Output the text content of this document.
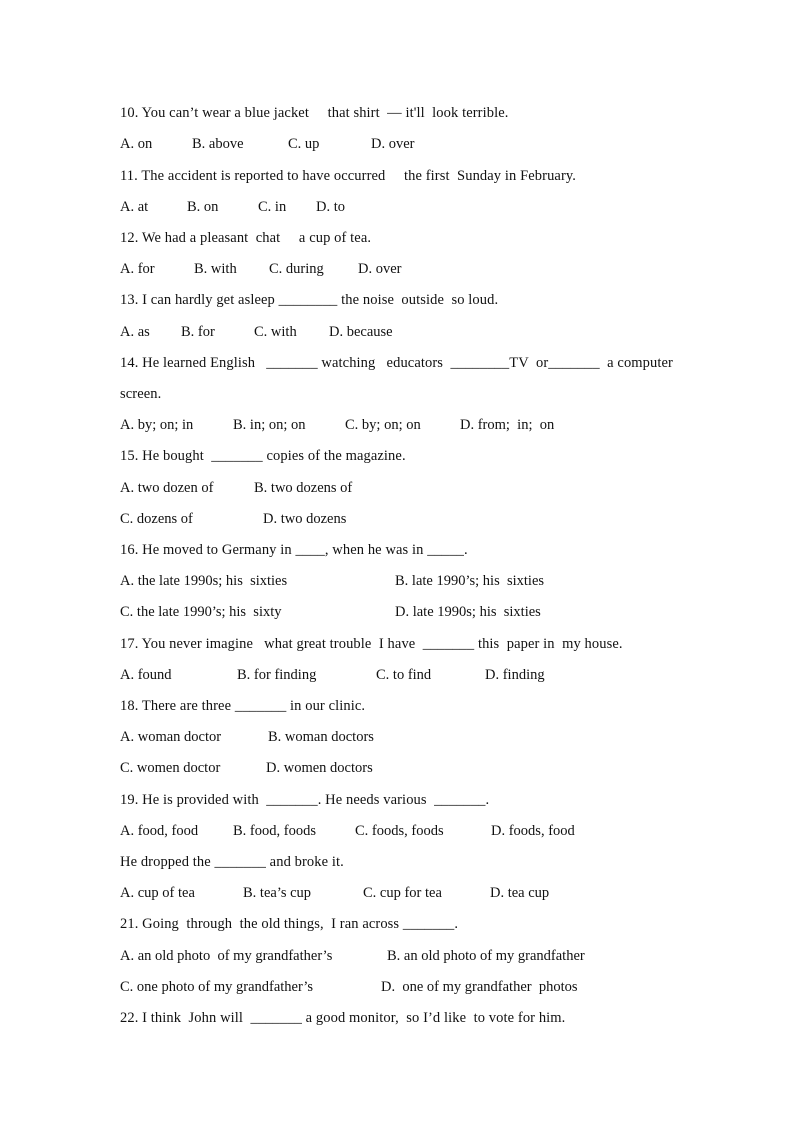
10. You can’t wear a blue jacket     that shirt  — it'll  look terrible.
A. on	B. above	C. up	D. over
11. The accident is reported to have occurred     the first  Sunday in February.
A. at	B. on	C. in D. to
12. We had a pleasant  chat     a cup of tea.
A. for	B. with C. during D. over
13. I can hardly get asleep ________ the noise  outside  so loud.
A. as B. for	C. with D. because
14. He learned English   _______ watching   educators  ________TV  or_______  a computer
screen.
A. by; on; in	B. in; on; on	C. by; on; on	D. from;  in;  on
15. He bought  _______ copies of the magazine.
A. two dozen of	B. two dozens of
C. dozens of	D. two dozens
16. He moved to Germany in ____, when he was in _____.
A. the late 1990s; his  sixties	B. late 1990’s; his  sixties
C. the late 1990’s; his  sixty	D. late 1990s; his  sixties
17. You never imagine   what great trouble  I have  _______ this  paper in  my house.
A. found	B. for finding	C. to find	D. finding
18. There are three _______ in our clinic.
A. woman doctor	B. woman doctors
C. women doctor	D. women doctors
19. He is provided with  _______. He needs various  _______.
A. food, food B. food, foods	C. foods, foods	D. foods, food
He dropped the _______ and broke it.
A. cup of tea	B. tea’s cup	C. cup for tea	D. tea cup
21. Going  through  the old things,  I ran across _______.
A. an old photo  of my grandfather’s	B. an old photo of my grandfather
C. one photo of my grandfather’s	D.  one of my grandfather  photos
22. I think  John will  _______ a good monitor,  so I’d like  to vote for him.
